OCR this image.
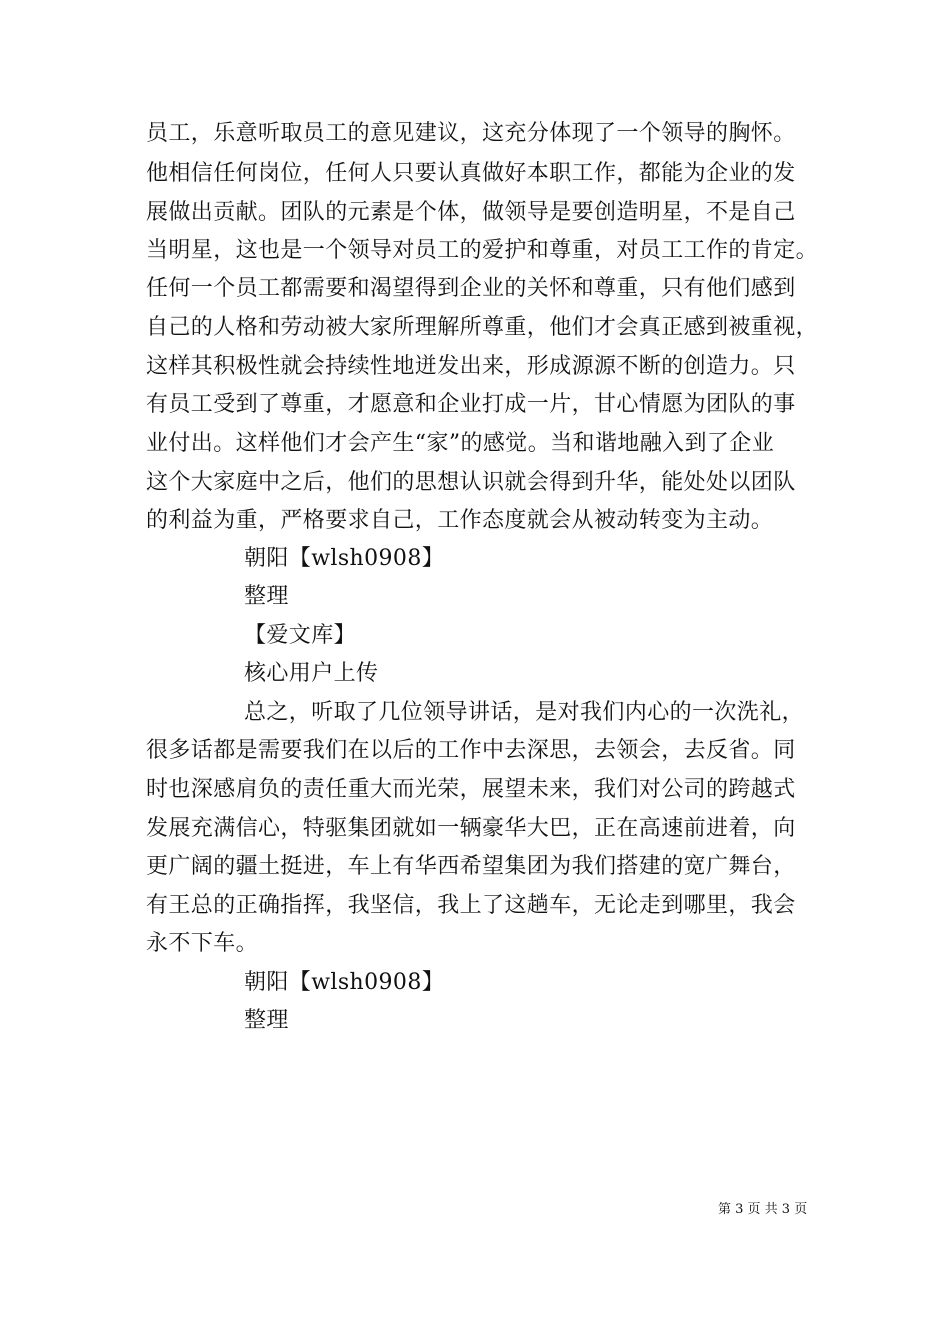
员工，乐意听取员工的意见建议，这充分体现了一个领导的胸怀。
他相信任何岗位，任何人只要认真做好本职工作，都能为企业的发
展做出贡献。团队的元素是个体，做领导是要创造明星，不是自己
当明星，这也是一个领导对员工的爱护和尊重，对员工工作的肯定。
任何一个员工都需要和渴望得到企业的关怀和尊重，只有他们感到
自己的人格和劳动被大家所理解所尊重，他们才会真正感到被重视，
这样其积极性就会持续性地迸发出来，形成源源不断的创造力。只
有员工受到了尊重，才愿意和企业打成一片，甘心情愿为团队的事
业付出。这样他们才会产生“家”的感觉。当和谐地融入到了企业
这个大家庭中之后，他们的思想认识就会得到升华，能处处以团队
的利益为重，严格要求自己，工作态度就会从被动转变为主动。
朝阳【wlsh0908】
整理
【爱文库】
核心用户上传
总之，听取了几位领导讲话，是对我们内心的一次洗礼，
很多话都是需要我们在以后的工作中去深思，去领会，去反省。同
时也深感肩负的责任重大而光荣，展望未来，我们对公司的跨越式
发展充满信心，特驱集团就如一辆豪华大巴，正在高速前进着，向
更广阔的疆土挺进，车上有华西希望集团为我们搭建的宽广舞台，
有王总的正确指挥，我坚信，我上了这趟车，无论走到哪里，我会
永不下车。
朝阳【wlsh0908】
整理
第 3 页 共 3 页
